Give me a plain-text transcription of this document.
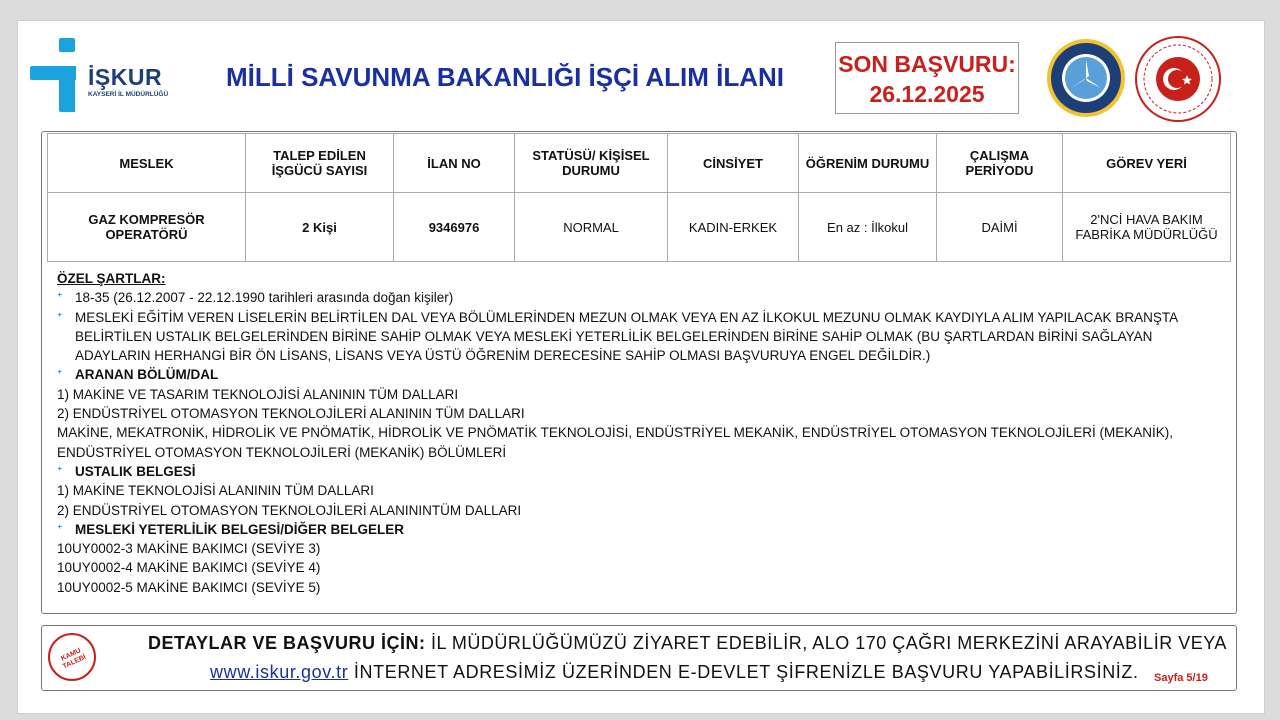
İŞKUR
KAYSERİ İL MÜDÜRLÜĞÜ
MİLLİ SAVUNMA BAKANLIĞI İŞÇİ ALIM İLANI SON BAŞVURU:
26.12.2025
MESLEK	TALEP EDİLEN İŞGÜCÜ SAYISI	İLAN NO	STATÜSÜ/ KİŞİSEL DURUMU	CİNSİYET	ÖĞRENİM DURUMU	ÇALIŞMA PERİYODU	GÖREV YERİ
GAZ KOMPRESÖR OPERATÖRÜ	2 Kişi	9346976	NORMAL	KADIN-ERKEK	En az : İlkokul	DAİMİ	2'NCİ HAVA BAKIM FABRİKA MÜDÜRLÜĞÜ
ÖZEL ŞARTLAR:
ᐩ 18-35 (26.12.2007 - 22.12.1990 tarihleri arasında doğan kişiler)
ᐩ MESLEKİ EĞİTİM VEREN LİSELERİN BELİRTİLEN DAL VEYA BÖLÜMLERİNDEN MEZUN OLMAK VEYA EN AZ İLKOKUL MEZUNU OLMAK KAYDIYLA ALIM YAPILACAK BRANŞTA BELİRTİLEN USTALIK BELGELERİNDEN BİRİNE SAHİP OLMAK VEYA MESLEKİ YETERLİLİK BELGELERİNDEN BİRİNE SAHİP OLMAK (BU ŞARTLARDAN BİRİNİ SAĞLAYAN ADAYLARIN HERHANGİ BİR ÖN LİSANS, LİSANS VEYA ÜSTÜ ÖĞRENİM DERECESİNE SAHİP OLMASI BAŞVURUYA ENGEL DEĞİLDİR.)
ᐩ ARANAN BÖLÜM/DAL
1) MAKİNE VE TASARIM TEKNOLOJİSİ ALANININ TÜM DALLARI
2) ENDÜSTRİYEL OTOMASYON TEKNOLOJİLERİ ALANININ TÜM DALLARI
MAKİNE, MEKATRONİK, HİDROLİK VE PNÖMATİK, HİDROLİK VE PNÖMATİK TEKNOLOJİSİ, ENDÜSTRİYEL MEKANİK, ENDÜSTRİYEL OTOMASYON TEKNOLOJİLERİ (MEKANİK), ENDÜSTRİYEL OTOMASYON TEKNOLOJİLERİ (MEKANİK) BÖLÜMLERİ
ᐩ USTALIK BELGESİ
1) MAKİNE TEKNOLOJİSİ ALANININ TÜM DALLARI
2) ENDÜSTRİYEL OTOMASYON TEKNOLOJİLERİ ALANININTÜM DALLARI
ᐩ MESLEKİ YETERLİLİK BELGESİ/DİĞER BELGELER
10UY0002-3 MAKİNE BAKIMCI (SEVİYE 3)
10UY0002-4 MAKİNE BAKIMCI (SEVİYE 4)
10UY0002-5 MAKİNE BAKIMCI (SEVİYE 5)
KAMU TALEBİ
DETAYLAR VE BAŞVURU İÇİN: İL MÜDÜRLÜĞÜMÜZÜ ZİYARET EDEBİLİR, ALO 170 ÇAĞRI MERKEZİNİ ARAYABİLİR VEYA
www.iskur.gov.tr İNTERNET ADRESİMİZ ÜZERİNDEN E-DEVLET ŞİFRENİZLE BAŞVURU YAPABİLİRSİNİZ. Sayfa 5/19
